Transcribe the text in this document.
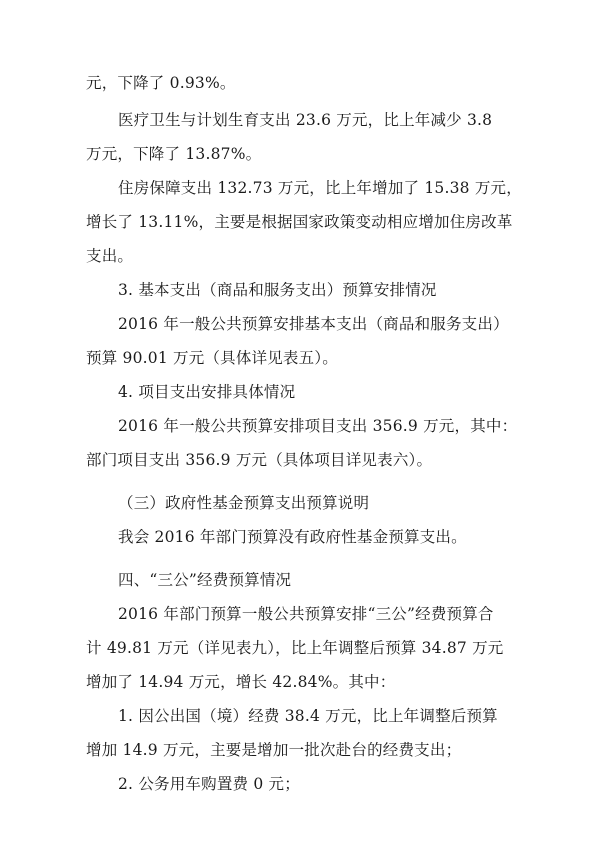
元，下降了 0.93%。
医疗卫生与计划生育支出 23.6 万元，比上年减少 3.8
万元，下降了 13.87%。
住房保障支出 132.73 万元，比上年增加了 15.38 万元，
增长了 13.11%，主要是根据国家政策变动相应增加住房改革
支出。
3. 基本支出（商品和服务支出）预算安排情况
2016 年一般公共预算安排基本支出（商品和服务支出）
预算 90.01 万元（具体详见表五）。
4. 项目支出安排具体情况
2016 年一般公共预算安排项目支出 356.9 万元，其中：
部门项目支出 356.9 万元（具体项目详见表六）。
（三）政府性基金预算支出预算说明
我会 2016 年部门预算没有政府性基金预算支出。
四、“三公”经费预算情况
2016 年部门预算一般公共预算安排“三公”经费预算合
计 49.81 万元（详见表九），比上年调整后预算 34.87 万元
增加了 14.94 万元，增长 42.84%。其中：
1. 因公出国（境）经费 38.4 万元，比上年调整后预算
增加 14.9 万元，主要是增加一批次赴台的经费支出；
2. 公务用车购置费 0 元；
